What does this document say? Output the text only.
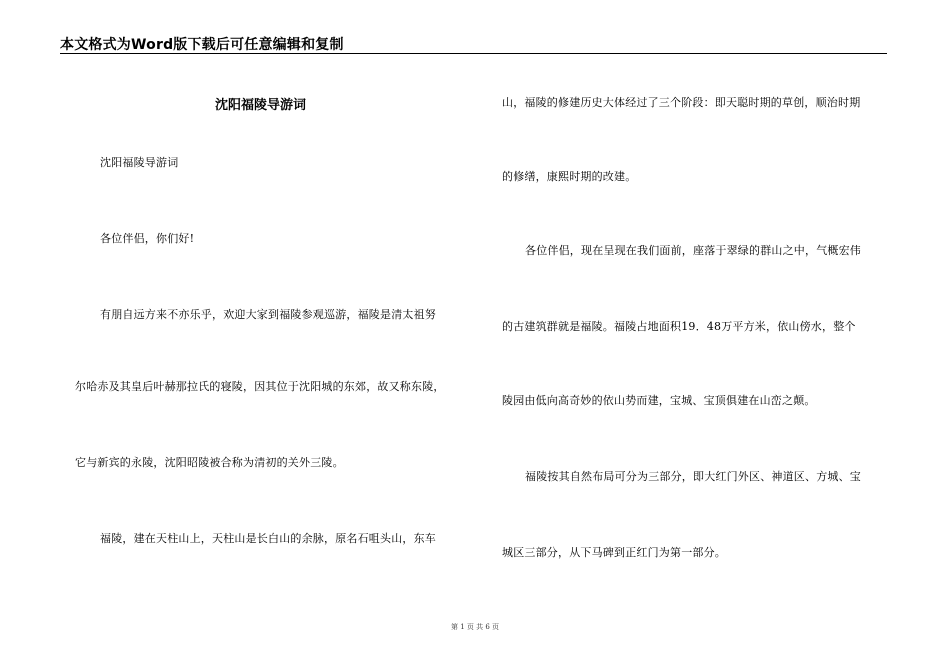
本文格式为Word版下载后可任意编辑和复制
沈阳福陵导游词
沈阳福陵导游词
各位伴侣，你们好!
有朋自远方来不亦乐乎，欢迎大家到福陵参观巡游，福陵是清太祖努
尔哈赤及其皇后叶赫那拉氏的寝陵，因其位于沈阳城的东郊，故又称东陵，
它与新宾的永陵，沈阳昭陵被合称为清初的关外三陵。
福陵，建在天柱山上，天柱山是长白山的余脉，原名石咀头山，东车
山，福陵的修建历史大体经过了三个阶段：即天聪时期的草创，顺治时期
的修缮，康熙时期的改建。
各位伴侣，现在呈现在我们面前，座落于翠绿的群山之中，气概宏伟
的古建筑群就是福陵。福陵占地面积19．48万平方米，依山傍水，整个
陵园由低向高奇妙的依山势而建，宝城、宝顶俱建在山峦之颠。
福陵按其自然布局可分为三部分，即大红门外区、神道区、方城、宝
城区三部分，从下马碑到正红门为第一部分。
第 1 页 共 6 页
